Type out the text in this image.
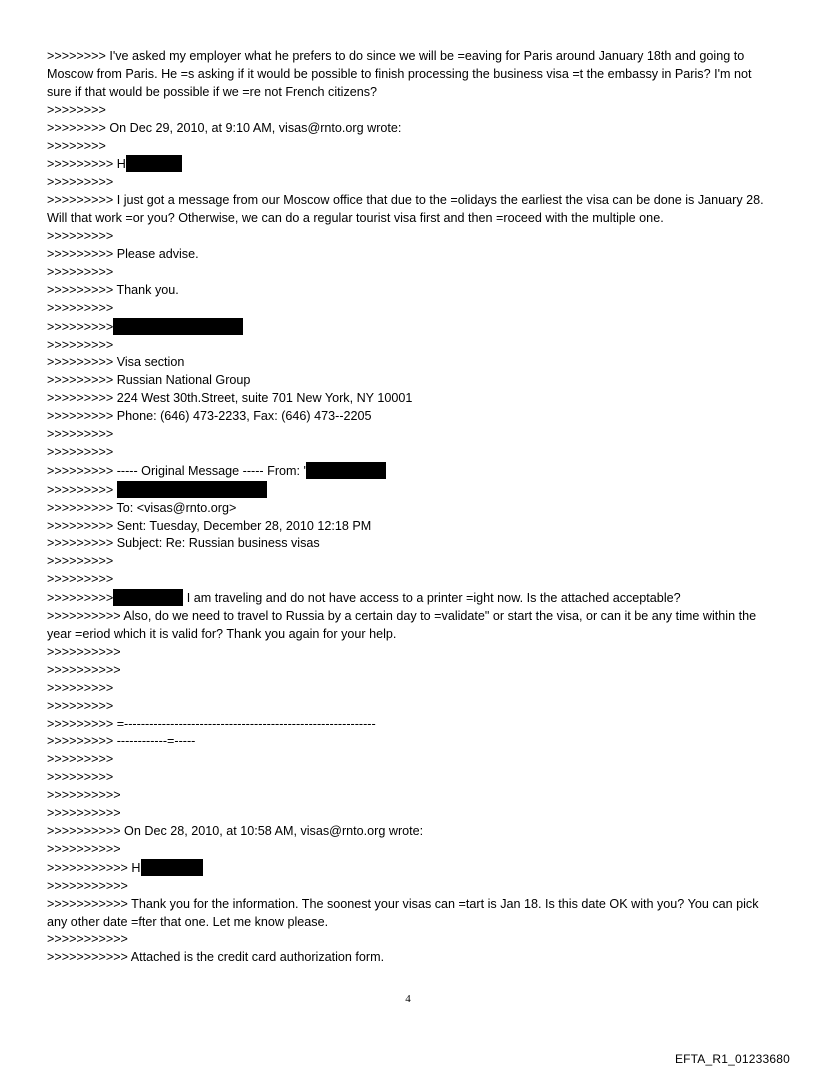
>>>>>>>> I've asked my employer what he prefers to do since we will be =eaving for Paris around January 18th and going to Moscow from Paris. He =s asking if it would be possible to finish processing the business visa =t the embassy in Paris? I'm not sure if that would be possible if we =re not French citizens?
>>>>>>>>
>>>>>>>> On Dec 29, 2010, at 9:10 AM, visas@rnto.org wrote:
>>>>>>>>
>>>>>>>>> H
>>>>>>>>>
>>>>>>>>> I just got a message from our Moscow office that due to the =olidays the earliest the visa can be done is January 28. Will that work =or you? Otherwise, we can do a regular tourist visa first and then =roceed with the multiple one.
>>>>>>>>>
>>>>>>>>> Please advise.
>>>>>>>>>
>>>>>>>>> Thank you.
>>>>>>>>>
>>>>>>>>>
>>>>>>>>>
>>>>>>>>> Visa section
>>>>>>>>> Russian National Group
>>>>>>>>> 224 West 30th.Street, suite 701 New York, NY 10001
>>>>>>>>> Phone: (646) 473-2233, Fax: (646) 473--2205
>>>>>>>>>
>>>>>>>>>
>>>>>>>>> ----- Original Message ----- From: '
>>>>>>>>>
>>>>>>>>> To: <visas@rnto.org>
>>>>>>>>> Sent: Tuesday, December 28, 2010 12:18 PM
>>>>>>>>> Subject: Re: Russian business visas
>>>>>>>>>
>>>>>>>>>
>>>>>>>>>	I am traveling and do not have access to a printer =ight now. Is the attached acceptable?
>>>>>>>>>> Also, do we need to travel to Russia by a certain day to =validate" or start the visa, or can it be any time within the year =eriod which it is valid for? Thank you again for your help.
>>>>>>>>>>
>>>>>>>>>>
>>>>>>>>>
>>>>>>>>>
>>>>>>>>> =------------------------------------------------------------
>>>>>>>>> ------------=-----
>>>>>>>>>
>>>>>>>>>
>>>>>>>>>>
>>>>>>>>>>
>>>>>>>>>> On Dec 28, 2010, at 10:58 AM, visas@rnto.org wrote:
>>>>>>>>>>
>>>>>>>>>>> H
>>>>>>>>>>>
>>>>>>>>>>> Thank you for the information. The soonest your visas can =tart is Jan 18. Is this date OK with you? You can pick any other date =fter that one. Let me know please.
>>>>>>>>>>>
>>>>>>>>>>> Attached is the credit card authorization form.
4
EFTA_R1_01233680
